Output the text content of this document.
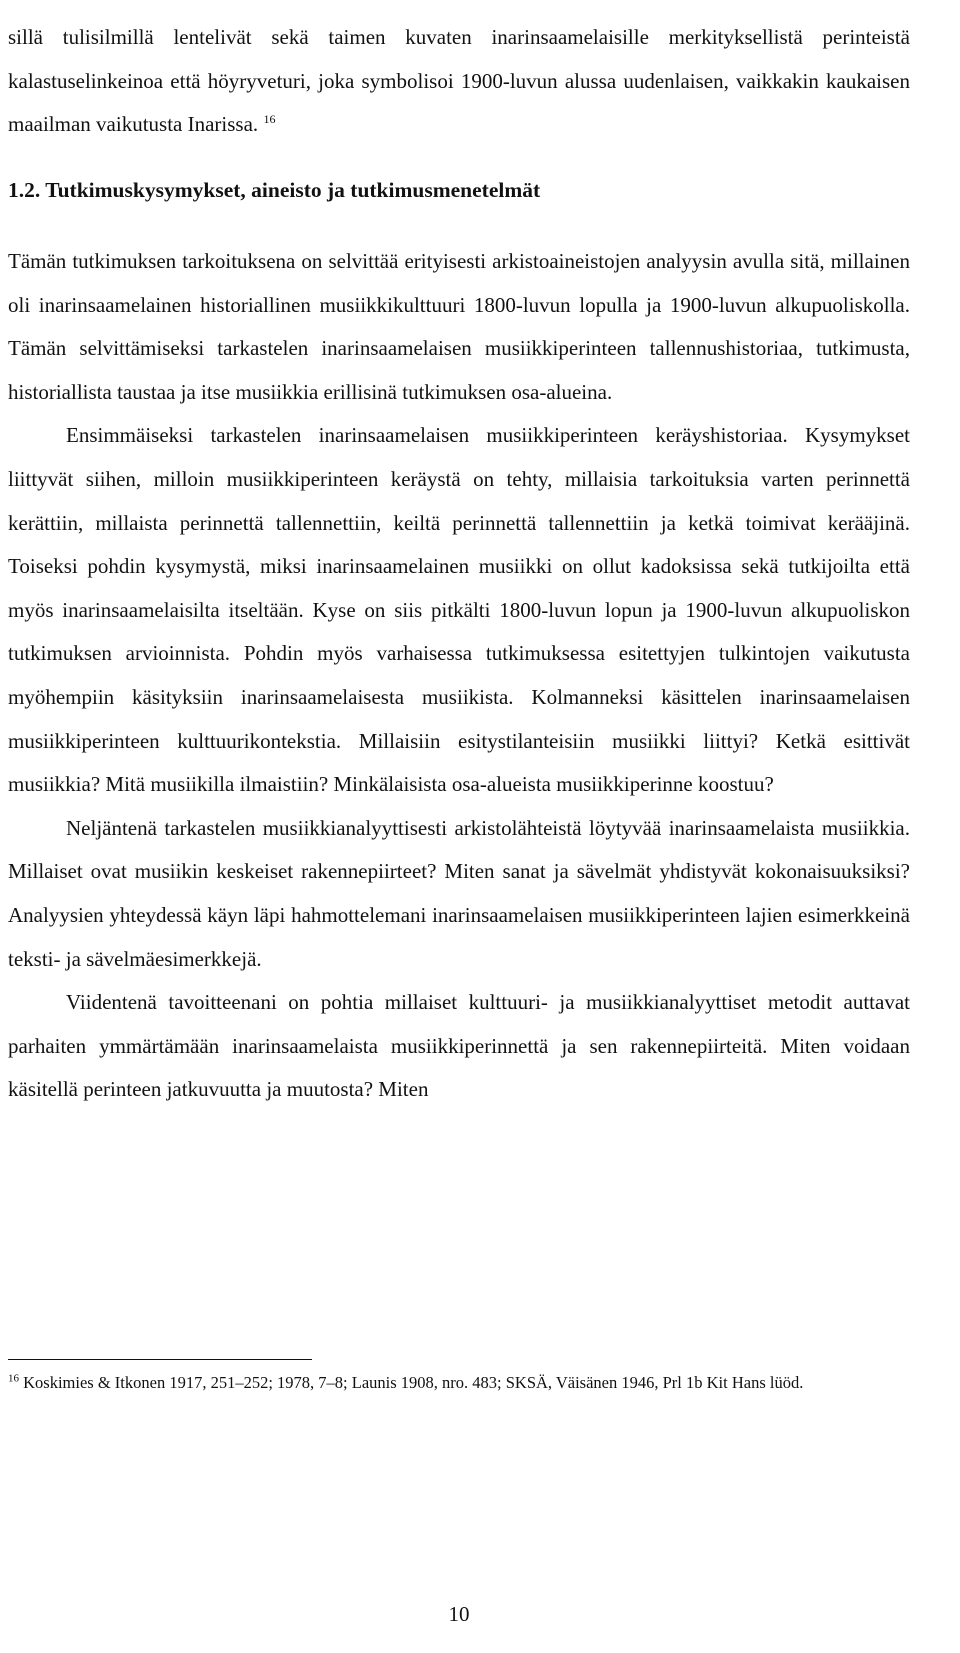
sillä tulisilmillä lentelivät sekä taimen kuvaten inarinsaamelaisille merkityksellistä perinteistä kalastuselinkeinoa että höyryveturi, joka symbolisoi 1900-luvun alussa uudenlaisen, vaikkakin kaukaisen maailman vaikutusta Inarissa. $^{16}$

1.2. Tutkimuskysymykset, aineisto ja tutkimusmenetelmät

Tämän tutkimuksen tarkoituksena on selvittää erityisesti arkistoaineistojen analyysin avulla sitä, millainen oli inarinsaamelainen historiallinen musiikkikulttuuri 1800-luvun lopulla ja 1900-luvun alkupuoliskolla. Tämän selvittämiseksi tarkastelen inarinsaamelaisen musiikkiperinteen tallennushistoriaa, tutkimusta, historiallista taustaa ja itse musiikkia erillisinä tutkimuksen osa-alueina.

Ensimmäiseksi tarkastelen inarinsaamelaisen musiikkiperinteen keräyshistoriaa. Kysymykset liittyvät siihen, milloin musiikkiperinteen keräystä on tehty, millaisia tarkoituksia varten perinnettä kerättiin, millaista perinnettä tallennettiin, keiltä perinnettä tallennettiin ja ketkä toimivat kerääjinä. Toiseksi pohdin kysymystä, miksi inarinsaamelainen musiikki on ollut kadoksissa sekä tutkijoilta että myös inarinsaamelaisilta itseltään. Kyse on siis pitkälti 1800-luvun lopun ja 1900-luvun alkupuoliskon tutkimuksen arvioinnista. Pohdin myös varhaisessa tutkimuksessa esitettyjen tulkintojen vaikutusta myöhempiin käsityksiin inarinsaamelaisesta musiikista. Kolmanneksi käsittelen inarinsaamelaisen musiikkiperinteen kulttuurikontekstia. Millaisiin esitystilanteisiin musiikki liittyi? Ketkä esittivät musiikkia? Mitä musiikilla ilmaistiin? Minkälaisista osa-alueista musiikkiperinne koostuu?

Neljäntenä tarkastelen musiikkianalyyttisesti arkistolähteistä löytyvää inarinsaamelaista musiikkia. Millaiset ovat musiikin keskeiset rakennepiirteet? Miten sanat ja sävelmät yhdistyvät kokonaisuuksiksi? Analyysien yhteydessä käyn läpi hahmottelemani inarinsaamelaisen musiikkiperinteen lajien esimerkkeinä teksti- ja sävelmäesimerkkejä.

Viidentenä tavoitteenani on pohtia millaiset kulttuuri- ja musiikkianalyyttiset metodit auttavat parhaiten ymmärtämään inarinsaamelaista musiikkiperinnettä ja sen rakennepiirteitä. Miten voidaan käsitellä perinteen jatkuvuutta ja muutosta? Miten

$^{16}$ Koskimies & Itkonen 1917, 251–252; 1978, 7–8; Launis 1908, nro. 483; SKSÄ, Väisänen 1946, Prl 1b Kit Hans lüöd.

10
